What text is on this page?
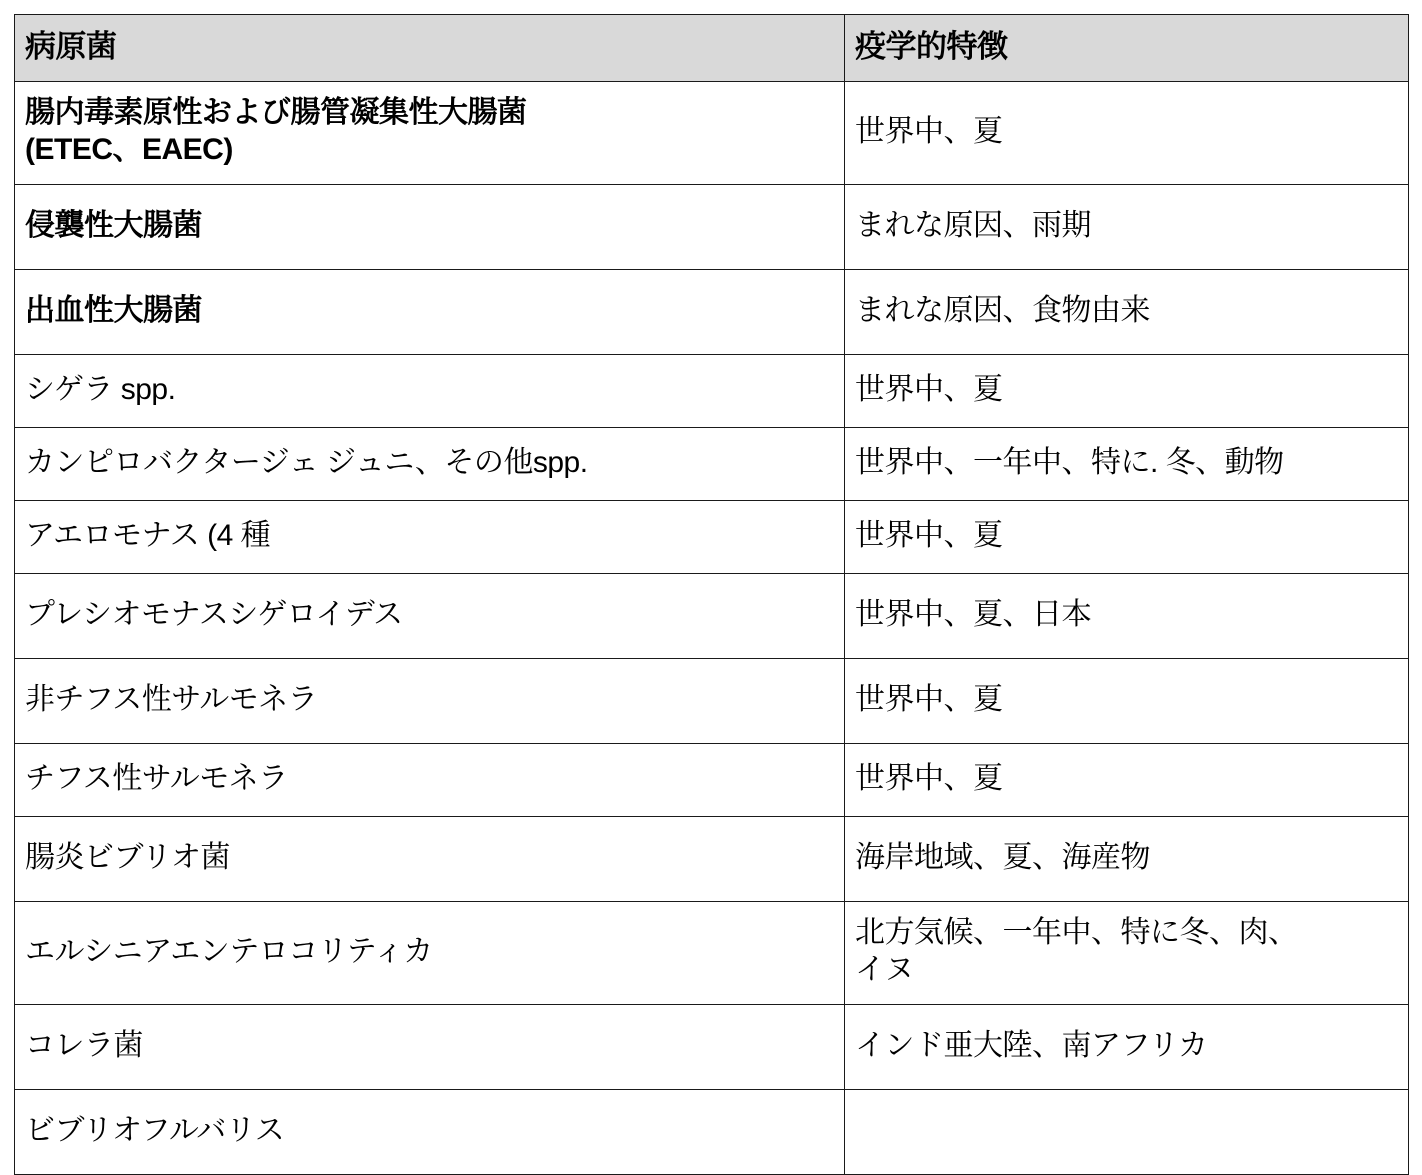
病原菌	疫学的特徴

腸内毒素原性および腸管凝集性大腸菌
(ETEC、EAEC)	世界中、夏

侵襲性大腸菌	まれな原因、雨期

出血性大腸菌	まれな原因、食物由来

シゲラ spp.	世界中、夏

カンピロバクタージェ ジュニ、その他spp.	世界中、一年中、特に. 冬、動物

アエロモナス (4 種	世界中、夏

プレシオモナスシゲロイデス	世界中、夏、日本

非チフス性サルモネラ	世界中、夏

チフス性サルモネラ	世界中、夏

腸炎ビブリオ菌	海岸地域、夏、海産物

エルシニアエンテロコリティカ	北方気候、一年中、特に冬、肉、
イヌ

コレラ菌	インド亜大陸、南アフリカ

ビブリオフルバリス	
